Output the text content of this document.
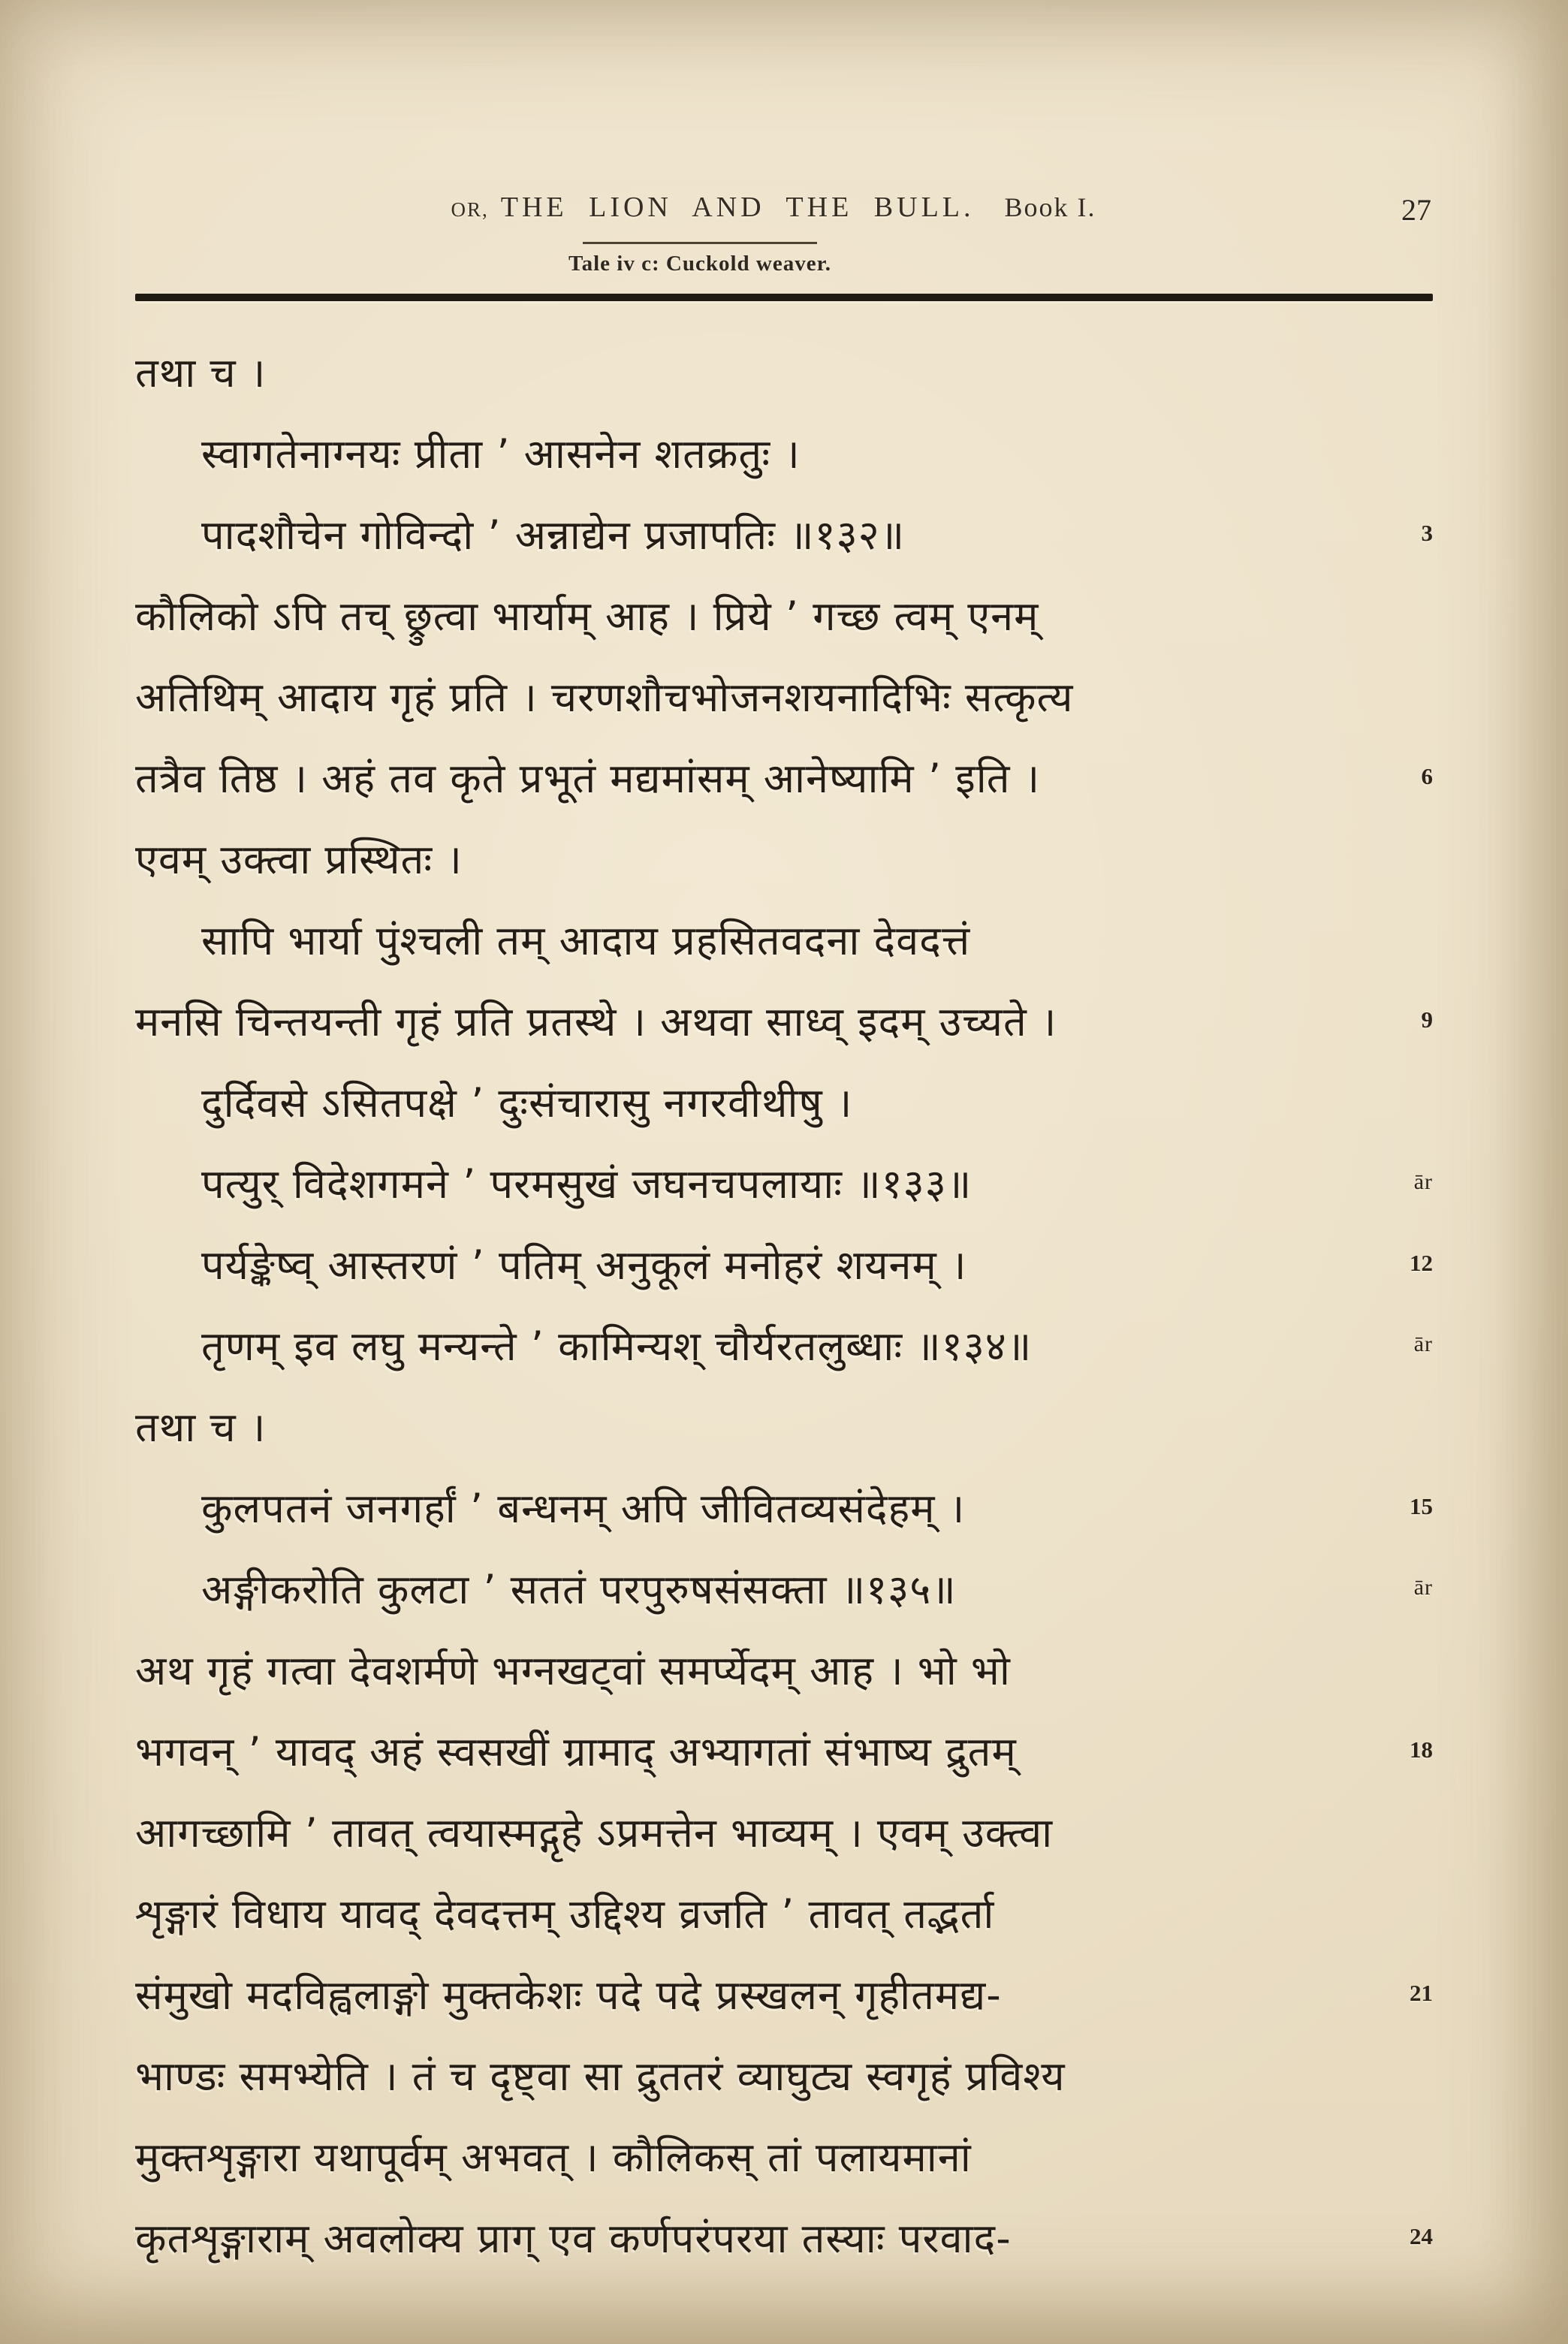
OR, THE LION AND THE BULL. Book I.	27
Tale iv c: Cuckold weaver.
तथा च ।
स्वागतेनाग्नयः प्रीता ’ आसनेन शतक्रतुः ।
पादशौचेन गोविन्दो ’ अन्नाद्येन प्रजापतिः ॥१३२॥	3
कौलिको ऽपि तच् छ्रुत्वा भार्याम् आह । प्रिये ’ गच्छ त्वम् एनम्
अतिथिम् आदाय गृहं प्रति । चरणशौचभोजनशयनादिभिः सत्कृत्य
तत्रैव तिष्ठ । अहं तव कृते प्रभूतं मद्यमांसम् आनेष्यामि ’ इति ।	6
एवम् उक्त्वा प्रस्थितः ।
सापि भार्या पुंश्चली तम् आदाय प्रहसितवदना देवदत्तं
मनसि चिन्तयन्ती गृहं प्रति प्रतस्थे । अथवा साध्व् इदम् उच्यते ।	9
दुर्दिवसे ऽसितपक्षे ’ दुःसंचारासु नगरवीथीषु ।
पत्युर् विदेशगमने ’ परमसुखं जघनचपलायाः ॥१३३॥	ār
पर्यङ्केष्व् आस्तरणं ’ पतिम् अनुकूलं मनोहरं शयनम् ।	12
तृणम् इव लघु मन्यन्ते ’ कामिन्यश् चौर्यरतलुब्धाः ॥१३४॥	ār
तथा च ।
कुलपतनं जनगर्हां ’ बन्धनम् अपि जीवितव्यसंदेहम् ।	15
अङ्गीकरोति कुलटा ’ सततं परपुरुषसंसक्ता ॥१३५॥	ār
अथ गृहं गत्वा देवशर्मणे भग्नखट्वां समर्प्येदम् आह । भो भो
भगवन् ’ यावद् अहं स्वसखीं ग्रामाद् अभ्यागतां संभाष्य द्रुतम्	18
आगच्छामि ’ तावत् त्वयास्मद्गृहे ऽप्रमत्तेन भाव्यम् । एवम् उक्त्वा
शृङ्गारं विधाय यावद् देवदत्तम् उद्दिश्य व्रजति ’ तावत् तद्भर्ता
संमुखो मदविह्वलाङ्गो मुक्तकेशः पदे पदे प्रस्खलन् गृहीतमद्य-	21
भाण्डः समभ्येति । तं च दृष्ट्वा सा द्रुततरं व्याघुट्य स्वगृहं प्रविश्य
मुक्तशृङ्गारा यथापूर्वम् अभवत् । कौलिकस् तां पलायमानां
कृतशृङ्गाराम् अवलोक्य प्राग् एव कर्णपरंपरया तस्याः परवाद-	24
